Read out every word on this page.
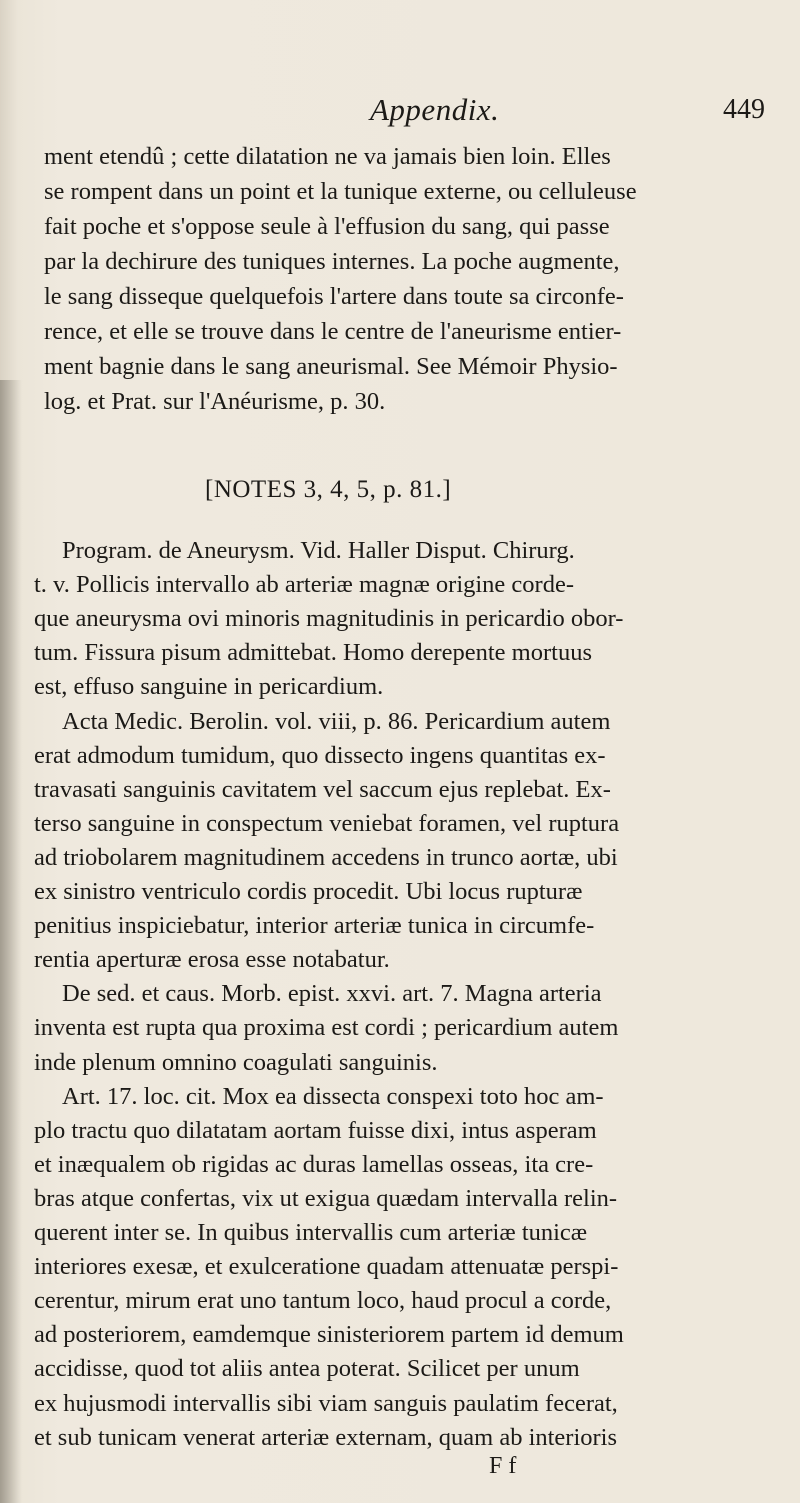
Appendix.	449
ment etendû ; cette dilatation ne va jamais bien loin. Elles
se rompent dans un point et la tunique externe, ou celluleuse
fait poche et s'oppose seule à l'effusion du sang, qui passe
par la dechirure des tuniques internes. La poche augmente,
le sang disseque quelquefois l'artere dans toute sa circonfe-
rence, et elle se trouve dans le centre de l'aneurisme entier-
ment bagnie dans le sang aneurismal. See Mémoir Physio-
log. et Prat. sur l'Anéurisme, p. 30.
[NOTES 3, 4, 5, p. 81.]
Program. de Aneurysm. Vid. Haller Disput. Chirurg.
t. v. Pollicis intervallo ab arteriæ magnæ origine corde-
que aneurysma ovi minoris magnitudinis in pericardio obor-
tum. Fissura pisum admittebat. Homo derepente mortuus
est, effuso sanguine in pericardium.
Acta Medic. Berolin. vol. viii, p. 86. Pericardium autem
erat admodum tumidum, quo dissecto ingens quantitas ex-
travasati sanguinis cavitatem vel saccum ejus replebat. Ex-
terso sanguine in conspectum veniebat foramen, vel ruptura
ad triobolarem magnitudinem accedens in trunco aortæ, ubi
ex sinistro ventriculo cordis procedit. Ubi locus rupturæ
penitius inspiciebatur, interior arteriæ tunica in circumfe-
rentia aperturæ erosa esse notabatur.
De sed. et caus. Morb. epist. xxvi. art. 7. Magna arteria
inventa est rupta qua proxima est cordi ; pericardium autem
inde plenum omnino coagulati sanguinis.
Art. 17. loc. cit. Mox ea dissecta conspexi toto hoc am-
plo tractu quo dilatatam aortam fuisse dixi, intus asperam
et inæqualem ob rigidas ac duras lamellas osseas, ita cre-
bras atque confertas, vix ut exigua quædam intervalla relin-
querent inter se. In quibus intervallis cum arteriæ tunicæ
interiores exesæ, et exulceratione quadam attenuatæ perspi-
cerentur, mirum erat uno tantum loco, haud procul a corde,
ad posteriorem, eamdemque sinisteriorem partem id demum
accidisse, quod tot aliis antea poterat. Scilicet per unum
ex hujusmodi intervallis sibi viam sanguis paulatim fecerat,
et sub tunicam venerat arteriæ externam, quam ab interioris
F f
